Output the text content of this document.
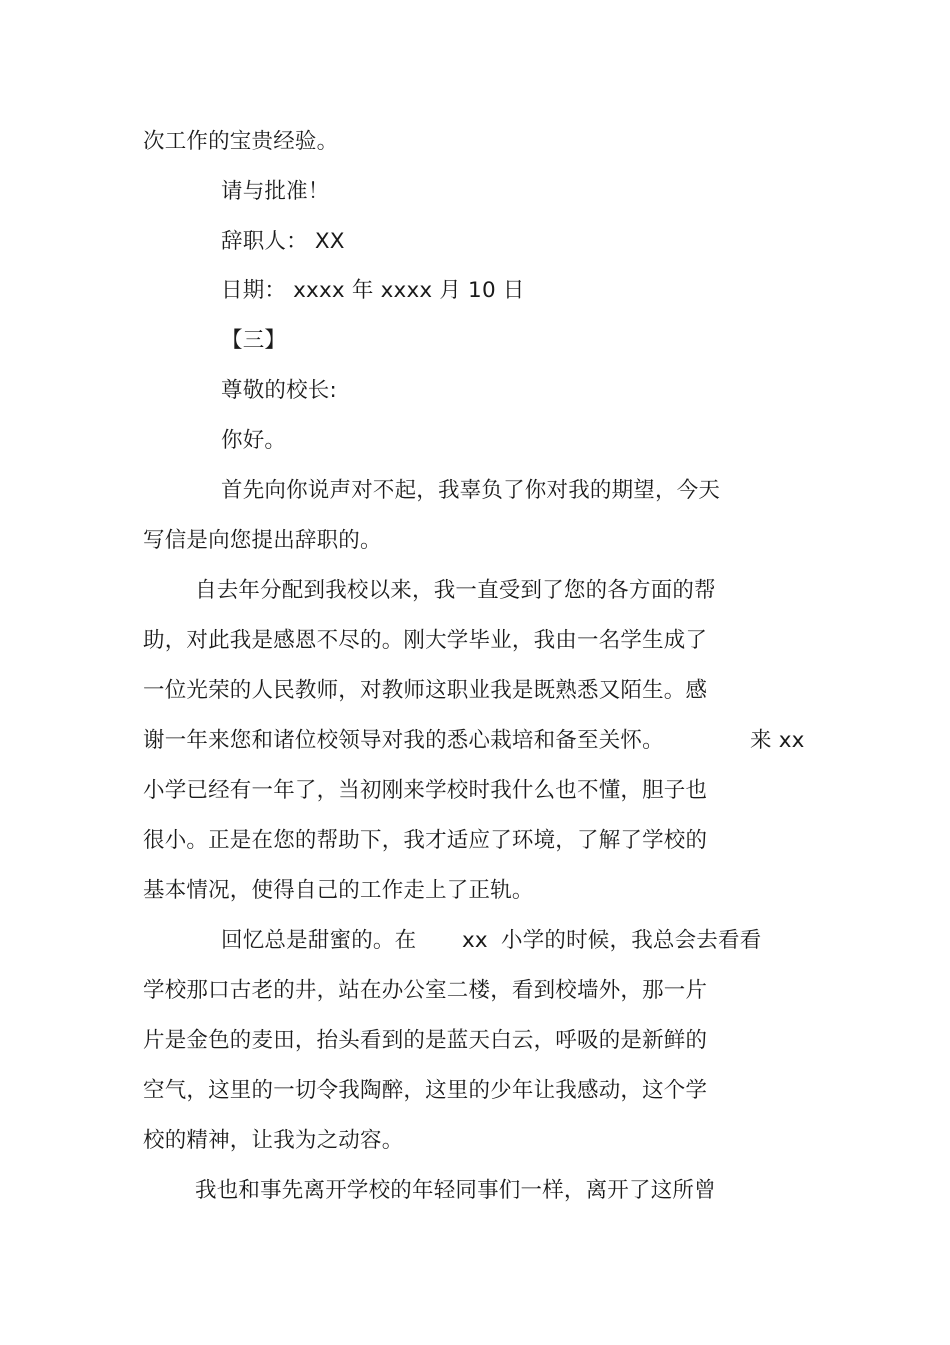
次工作的宝贵经验。
请与批准！
辞职人： XX
日期： xxxx 年 xxxx 月 10 日
【三】
尊敬的校长:
你好。
首先向你说声对不起，我辜负了你对我的期望，今天
写信是向您提出辞职的。
自去年分配到我校以来，我一直受到了您的各方面的帮
助，对此我是感恩不尽的。刚大学毕业，我由一名学生成了
一位光荣的人民教师，对教师这职业我是既熟悉又陌生。感
谢一年来您和诸位校领导对我的悉心栽培和备至关怀。	来 xx
小学已经有一年了，当初刚来学校时我什么也不懂，胆子也
很小。正是在您的帮助下，我才适应了环境，了解了学校的
基本情况，使得自己的工作走上了正轨。
回忆总是甜蜜的。在 xx 小学的时候，我总会去看看
学校那口古老的井，站在办公室二楼，看到校墙外，那一片
片是金色的麦田，抬头看到的是蓝天白云，呼吸的是新鲜的
空气，这里的一切令我陶醉，这里的少年让我感动，这个学
校的精神，让我为之动容。
我也和事先离开学校的年轻同事们一样，离开了这所曾
